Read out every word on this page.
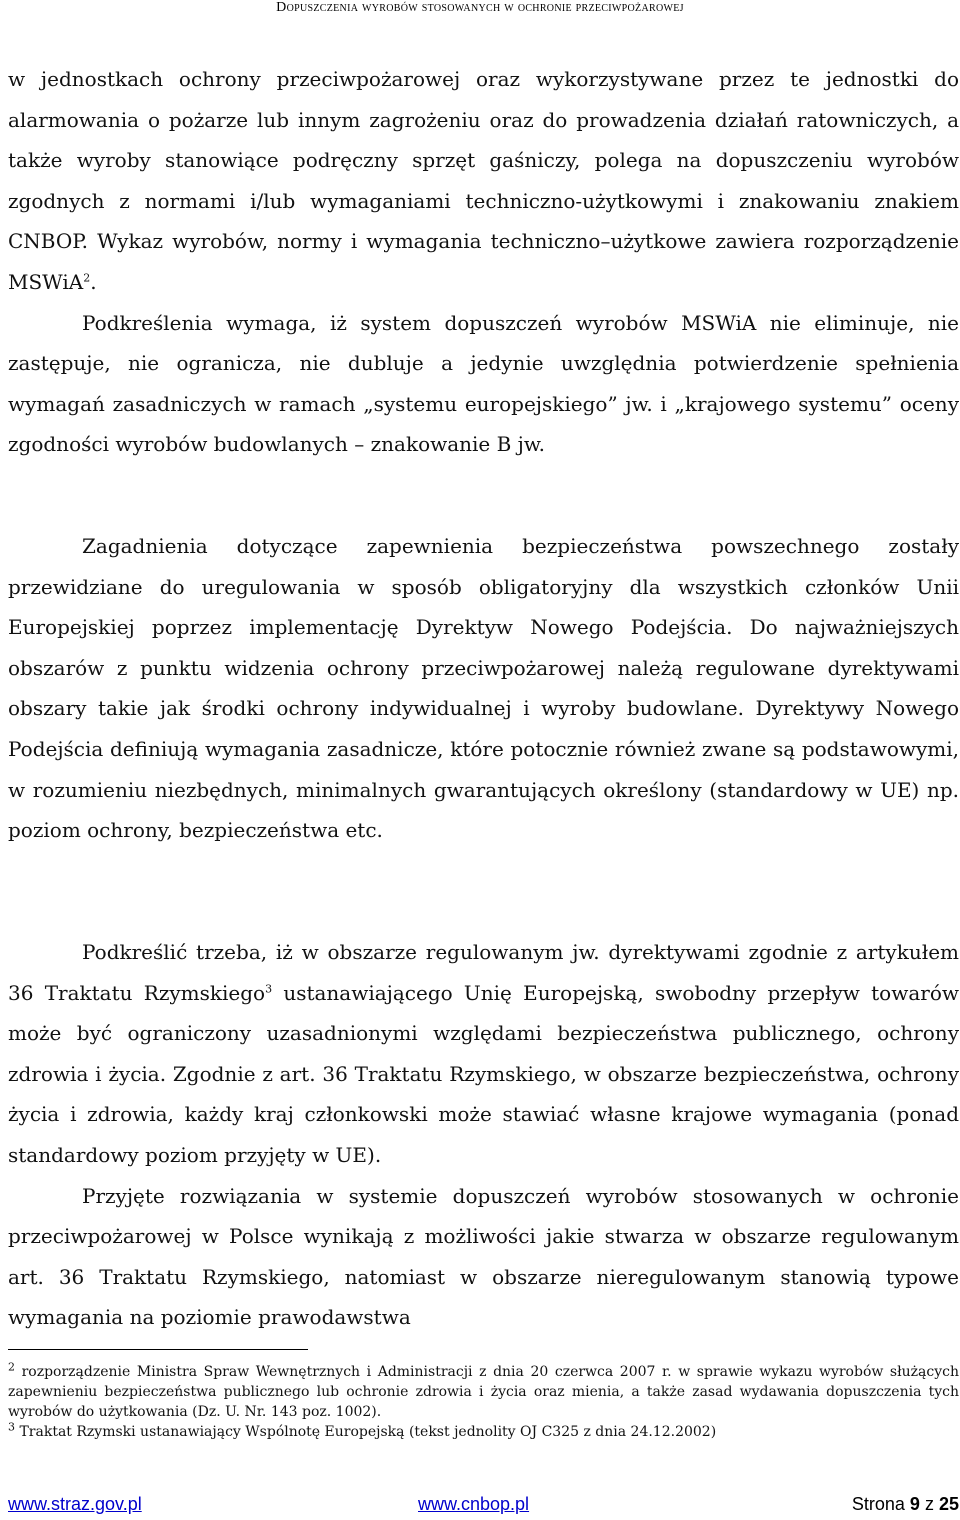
Dopuszczenia wyrobów stosowanych w ochronie przeciwpożarowej

w jednostkach ochrony przeciwpożarowej oraz wykorzystywane przez te jednostki do alarmowania o pożarze lub innym zagrożeniu oraz do prowadzenia działań ratowniczych, a także wyroby stanowiące podręczny sprzęt gaśniczy, polega na dopuszczeniu wyrobów zgodnych z normami i/lub wymaganiami techniczno-użytkowymi i znakowaniu znakiem CNBOP. Wykaz wyrobów, normy i wymagania techniczno–użytkowe zawiera rozporządzenie MSWiA$^2$.

Podkreślenia wymaga, iż system dopuszczeń wyrobów MSWiA nie eliminuje, nie zastępuje, nie ogranicza, nie dubluje a jedynie uwzględnia potwierdzenie spełnienia wymagań zasadniczych w ramach „systemu europejskiego” jw. i „krajowego systemu” oceny zgodności wyrobów budowlanych – znakowanie B jw.

Zagadnienia dotyczące zapewnienia bezpieczeństwa powszechnego zostały przewidziane do uregulowania w sposób obligatoryjny dla wszystkich członków Unii Europejskiej poprzez implementację Dyrektyw Nowego Podejścia. Do najważniejszych obszarów z punktu widzenia ochrony przeciwpożarowej należą regulowane dyrektywami obszary takie jak środki ochrony indywidualnej i wyroby budowlane. Dyrektywy Nowego Podejścia definiują wymagania zasadnicze, które potocznie również zwane są podstawowymi, w rozumieniu niezbędnych, minimalnych gwarantujących określony (standardowy w UE) np. poziom ochrony, bezpieczeństwa etc.

Podkreślić trzeba, iż w obszarze regulowanym jw. dyrektywami zgodnie z artykułem 36 Traktatu Rzymskiego$^3$ ustanawiającego Unię Europejską, swobodny przepływ towarów może być ograniczony uzasadnionymi względami bezpieczeństwa publicznego, ochrony zdrowia i życia. Zgodnie z art. 36 Traktatu Rzymskiego, w obszarze bezpieczeństwa, ochrony życia i zdrowia, każdy kraj członkowski może stawiać własne krajowe wymagania (ponad standardowy poziom przyjęty w UE).

Przyjęte rozwiązania w systemie dopuszczeń wyrobów stosowanych w ochronie przeciwpożarowej w Polsce wynikają z możliwości jakie stwarza w obszarze regulowanym art. 36 Traktatu Rzymskiego, natomiast w obszarze nieregulowanym stanowią typowe wymagania na poziomie prawodawstwa

$^2$ rozporządzenie Ministra Spraw Wewnętrznych i Administracji z dnia 20 czerwca 2007 r. w sprawie wykazu wyrobów służących zapewnieniu bezpieczeństwa publicznego lub ochronie zdrowia i życia oraz mienia, a także zasad wydawania dopuszczenia tych wyrobów do użytkowania (Dz. U. Nr. 143 poz. 1002).

$^3$ Traktat Rzymski ustanawiający Wspólnotę Europejską (tekst jednolity OJ C325 z dnia 24.12.2002)

www.straz.gov.pl	www.cnbop.pl	Strona 9 z 25
